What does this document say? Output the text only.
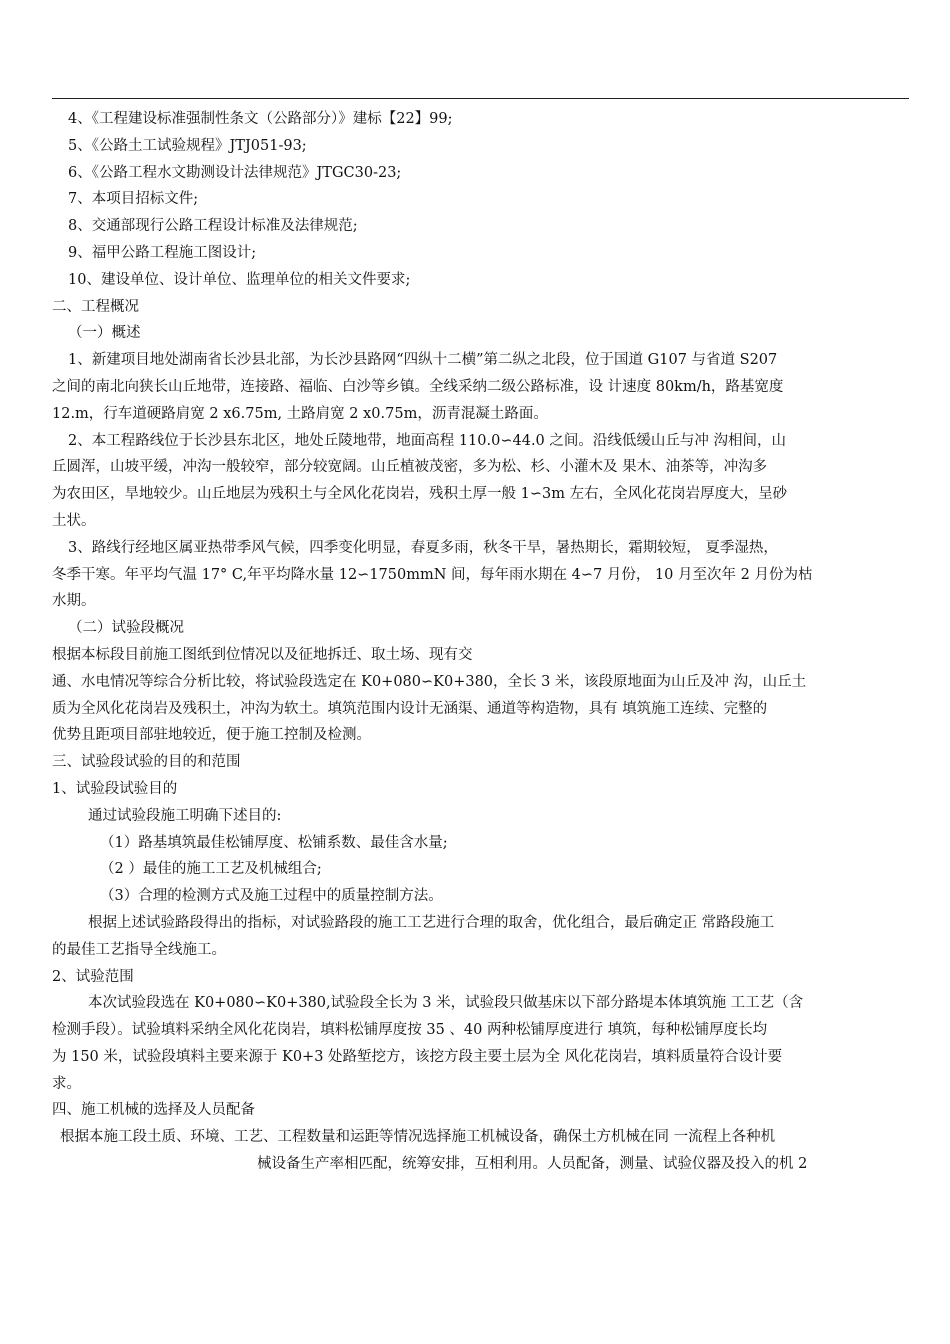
4、《工程建设标准强制性条文（公路部分）》建标【22】99;
5、《公路土工试验规程》JTJ051-93;
6、《公路工程水文勘测设计法律规范》JTGC30-23;
7、本项目招标文件;
8、交通部现行公路工程设计标准及法律规范;
9、福甲公路工程施工图设计;
10、建设单位、设计单位、监理单位的相关文件要求;
二、工程概况
（一）概述
1、新建项目地处湖南省长沙县北部，为长沙县路网“四纵十二横”第二纵之北段，位于国道 G107 与省道 S207
之间的南北向狭长山丘地带，连接路、福临、白沙等乡镇。全线采纳二级公路标准，设 计速度 80km/h，路基宽度
12.m，行车道硬路肩宽 2 x6.75m, 土路肩宽 2 x0.75m，沥青混凝土路面。
2、本工程路线位于长沙县东北区，地处丘陵地带，地面高程 110.0∽44.0 之间。沿线低缓山丘与冲 沟相间，山
丘圆浑，山坡平缓，冲沟一般较窄，部分较宽阔。山丘植被茂密，多为松、杉、小灌木及 果木、油茶等，冲沟多
为农田区，旱地较少。山丘地层为残积土与全风化花岗岩，残积土厚一般 1∽3m 左右，全风化花岗岩厚度大，呈砂
土状。
3、路线行经地区属亚热带季风气候，四季变化明显，春夏多雨，秋冬干旱，暑热期长，霜期较短， 夏季湿热，
冬季干寒。年平均气温 17° C,年平均降水量 12∽1750mmN 间，每年雨水期在 4∽7 月份， 10 月至次年 2 月份为枯
水期。
（二）试验段概况
根据本标段目前施工图纸到位情况以及征地拆迁、取土场、现有交
通、水电情况等综合分析比较，将试验段选定在 K0+080∽K0+380，全长 3 米，该段原地面为山丘及冲 沟，山丘土
质为全风化花岗岩及残积土，冲沟为软土。填筑范围内设计无涵渠、通道等构造物，具有 填筑施工连续、完整的
优势且距项目部驻地较近，便于施工控制及检测。
三、试验段试验的目的和范围
1、试验段试验目的
通过试验段施工明确下述目的:
（1）路基填筑最佳松铺厚度、松铺系数、最佳含水量;
（2 ）最佳的施工工艺及机械组合;
（3）合理的检测方式及施工过程中的质量控制方法。
根据上述试验路段得出的指标，对试验路段的施工工艺进行合理的取舍，优化组合，最后确定正 常路段施工
的最佳工艺指导全线施工。
2、试验范围
本次试验段选在 K0+080∽K0+380,试验段全长为 3 米，试验段只做基床以下部分路堤本体填筑施 工工艺（含
检测手段）。试验填料采纳全风化花岗岩，填料松铺厚度按 35 、40 两种松铺厚度进行 填筑，每种松铺厚度长均
为 150 米，试验段填料主要来源于 K0+3 处路堑挖方，该挖方段主要土层为全 风化花岗岩，填料质量符合设计要
求。
四、施工机械的选择及人员配备
根据本施工段土质、环境、工艺、工程数量和运距等情况选择施工机械设备，确保土方机械在同 一流程上各种机
械设备生产率相匹配，统筹安排，互相利用。人员配备，测量、试验仪器及投入的机 2
